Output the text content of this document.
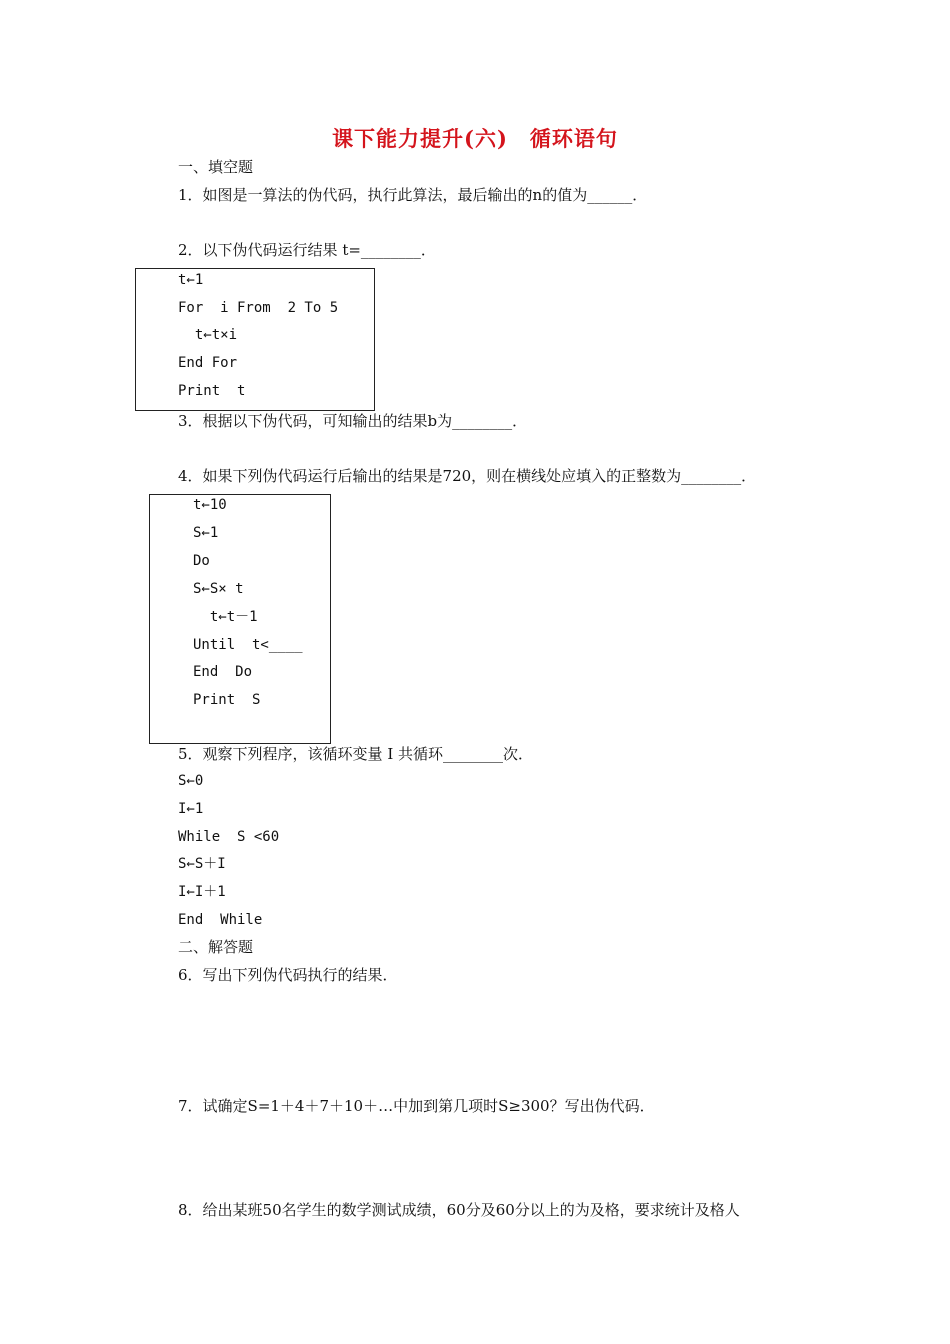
课下能力提升(六)　循环语句
一、填空题
1．如图是一算法的伪代码，执行此算法，最后输出的n的值为______．
2．以下伪代码运行结果 t=________．
t←1
For  i From  2 To 5
t←t×i
End For
Print  t
3．根据以下伪代码，可知输出的结果b为________．
4．如果下列伪代码运行后输出的结果是720，则在横线处应填入的正整数为________．
t←10
S←1
Do
S←S× t
t←t－1
Until  t<____
End  Do
Print  S
5．观察下列程序，该循环变量 I 共循环________次．
S←0
I←1
While  S <60
S←S＋I
I←I＋1
End  While
二、解答题
6．写出下列伪代码执行的结果．
7．试确定S=1＋4＋7＋10＋…中加到第几项时S≥300？写出伪代码．
8．给出某班50名学生的数学测试成绩，60分及60分以上的为及格，要求统计及格人
